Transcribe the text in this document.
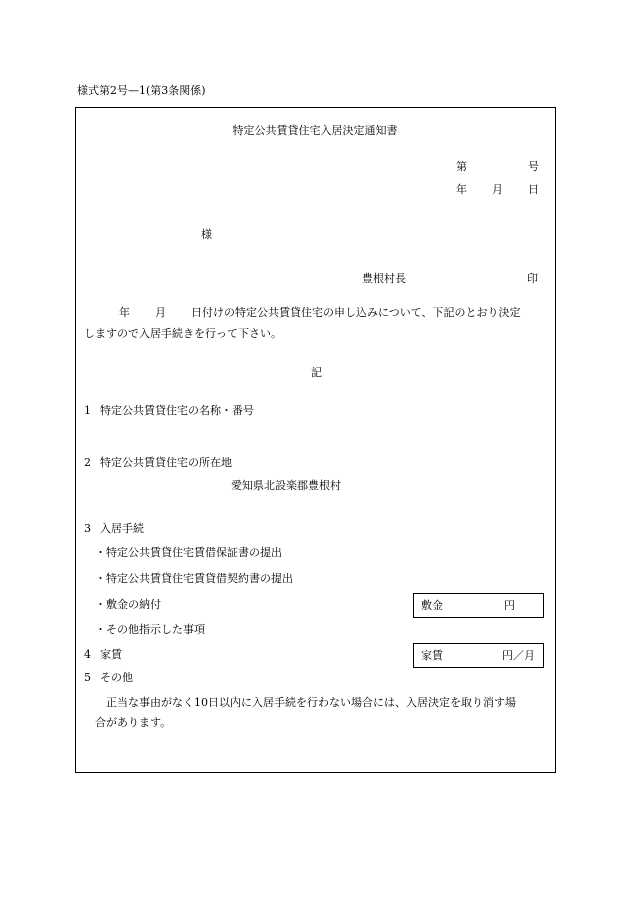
様式第2号—1(第3条関係)
特定公共賃貸住宅入居決定通知書
第	号
年 月 日
様
豊根村長	印
年 月 日付けの特定公共賃貸住宅の申し込みについて、下記のとおり決定
しますので入居手続きを行って下さい。
記
1 特定公共賃貸住宅の名称・番号
2 特定公共賃貸住宅の所在地
愛知県北設楽郡豊根村
3 入居手続
・特定公共賃貸住宅賃借保証書の提出
・特定公共賃貸住宅賃貸借契約書の提出
・敷金の納付
・その他指示した事項
敷金	円
4 家賃	家賃	円／月
5 その他
正当な事由がなく10日以内に入居手続を行わない場合には、入居決定を取り消す場
合があります。
